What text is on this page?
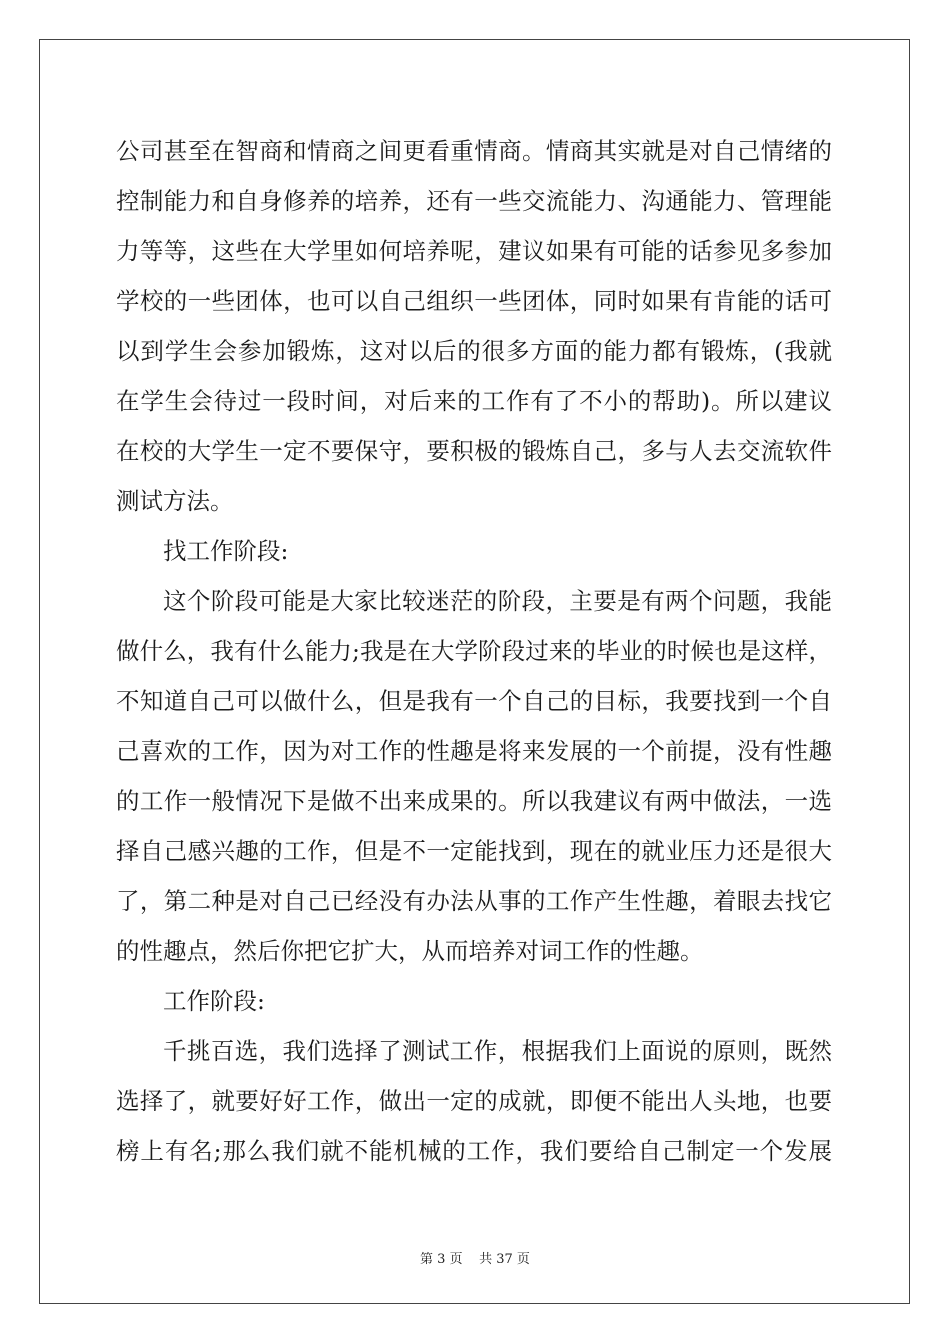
公司甚至在智商和情商之间更看重情商。情商其实就是对自己情绪的
控制能力和自身修养的培养，还有一些交流能力、沟通能力、管理能
力等等，这些在大学里如何培养呢，建议如果有可能的话参见多参加
学校的一些团体，也可以自己组织一些团体，同时如果有肯能的话可
以到学生会参加锻炼，这对以后的很多方面的能力都有锻炼，(我就
在学生会待过一段时间，对后来的工作有了不小的帮助)。所以建议
在校的大学生一定不要保守，要积极的锻炼自己，多与人去交流软件
测试方法。
找工作阶段:
这个阶段可能是大家比较迷茫的阶段，主要是有两个问题，我能
做什么，我有什么能力;我是在大学阶段过来的毕业的时候也是这样，
不知道自己可以做什么，但是我有一个自己的目标，我要找到一个自
己喜欢的工作，因为对工作的性趣是将来发展的一个前提，没有性趣
的工作一般情况下是做不出来成果的。所以我建议有两中做法，一选
择自己感兴趣的工作，但是不一定能找到，现在的就业压力还是很大
了，第二种是对自己已经没有办法从事的工作产生性趣，着眼去找它
的性趣点，然后你把它扩大，从而培养对词工作的性趣。
工作阶段:
千挑百选，我们选择了测试工作，根据我们上面说的原则，既然
选择了，就要好好工作，做出一定的成就，即便不能出人头地，也要
榜上有名;那么我们就不能机械的工作，我们要给自己制定一个发展
第 3 页 共 37 页
